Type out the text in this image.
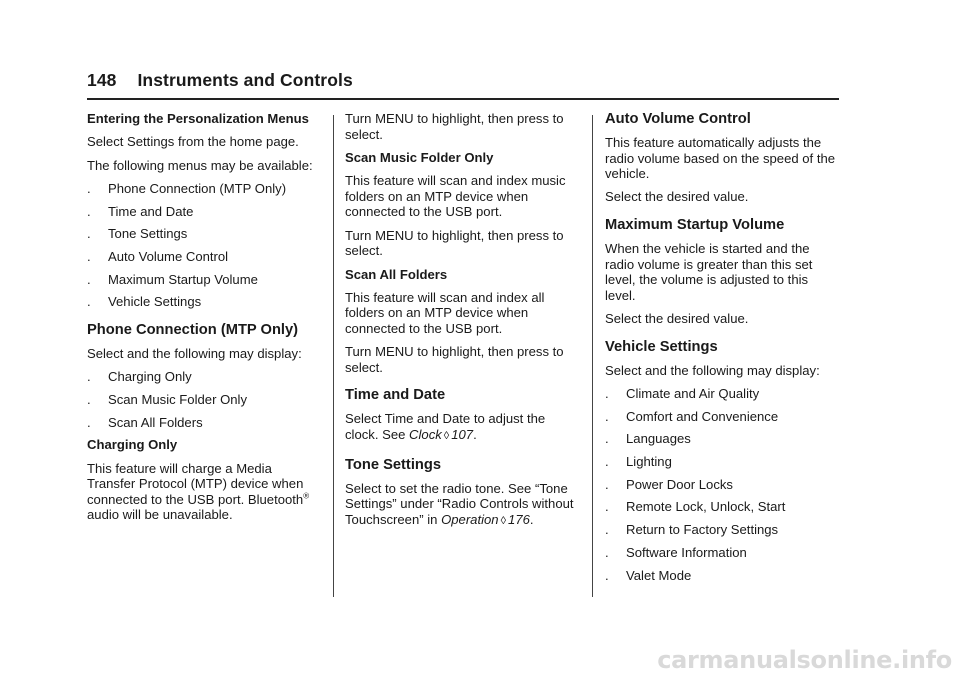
148 Instruments and Controls

Entering the Personalization Menus

Select Settings from the home page.

The following menus may be available:

.	Phone Connection (MTP Only)
.	Time and Date
.	Tone Settings
.	Auto Volume Control
.	Maximum Startup Volume
.	Vehicle Settings
Phone Connection (MTP Only)

Select and the following may display:

.	Charging Only
.	Scan Music Folder Only
.	Scan All Folders

Charging Only

This feature will charge a Media Transfer Protocol (MTP) device when connected to the USB port. Bluetooth® audio will be unavailable.

Turn MENU to highlight, then press to select.

Scan Music Folder Only

This feature will scan and index music folders on an MTP device when connected to the USB port.

Turn MENU to highlight, then press to select.

Scan All Folders

This feature will scan and index all folders on an MTP device when connected to the USB port.

Turn MENU to highlight, then press to select.

Time and Date

Select Time and Date to adjust the clock. See Clock ◊ 107.

Tone Settings

Select to set the radio tone. See “Tone Settings” under “Radio Controls without Touchscreen” in Operation ◊ 176.

Auto Volume Control

This feature automatically adjusts the radio volume based on the speed of the vehicle.

Select the desired value.

Maximum Startup Volume

When the vehicle is started and the radio volume is greater than this set level, the volume is adjusted to this level.

Select the desired value.

Vehicle Settings

Select and the following may display:

.	Climate and Air Quality
.	Comfort and Convenience
.	Languages
.	Lighting
.	Power Door Locks
.	Remote Lock, Unlock, Start
.	Return to Factory Settings
.	Software Information
.	Valet Mode
carmanualsonline.info
